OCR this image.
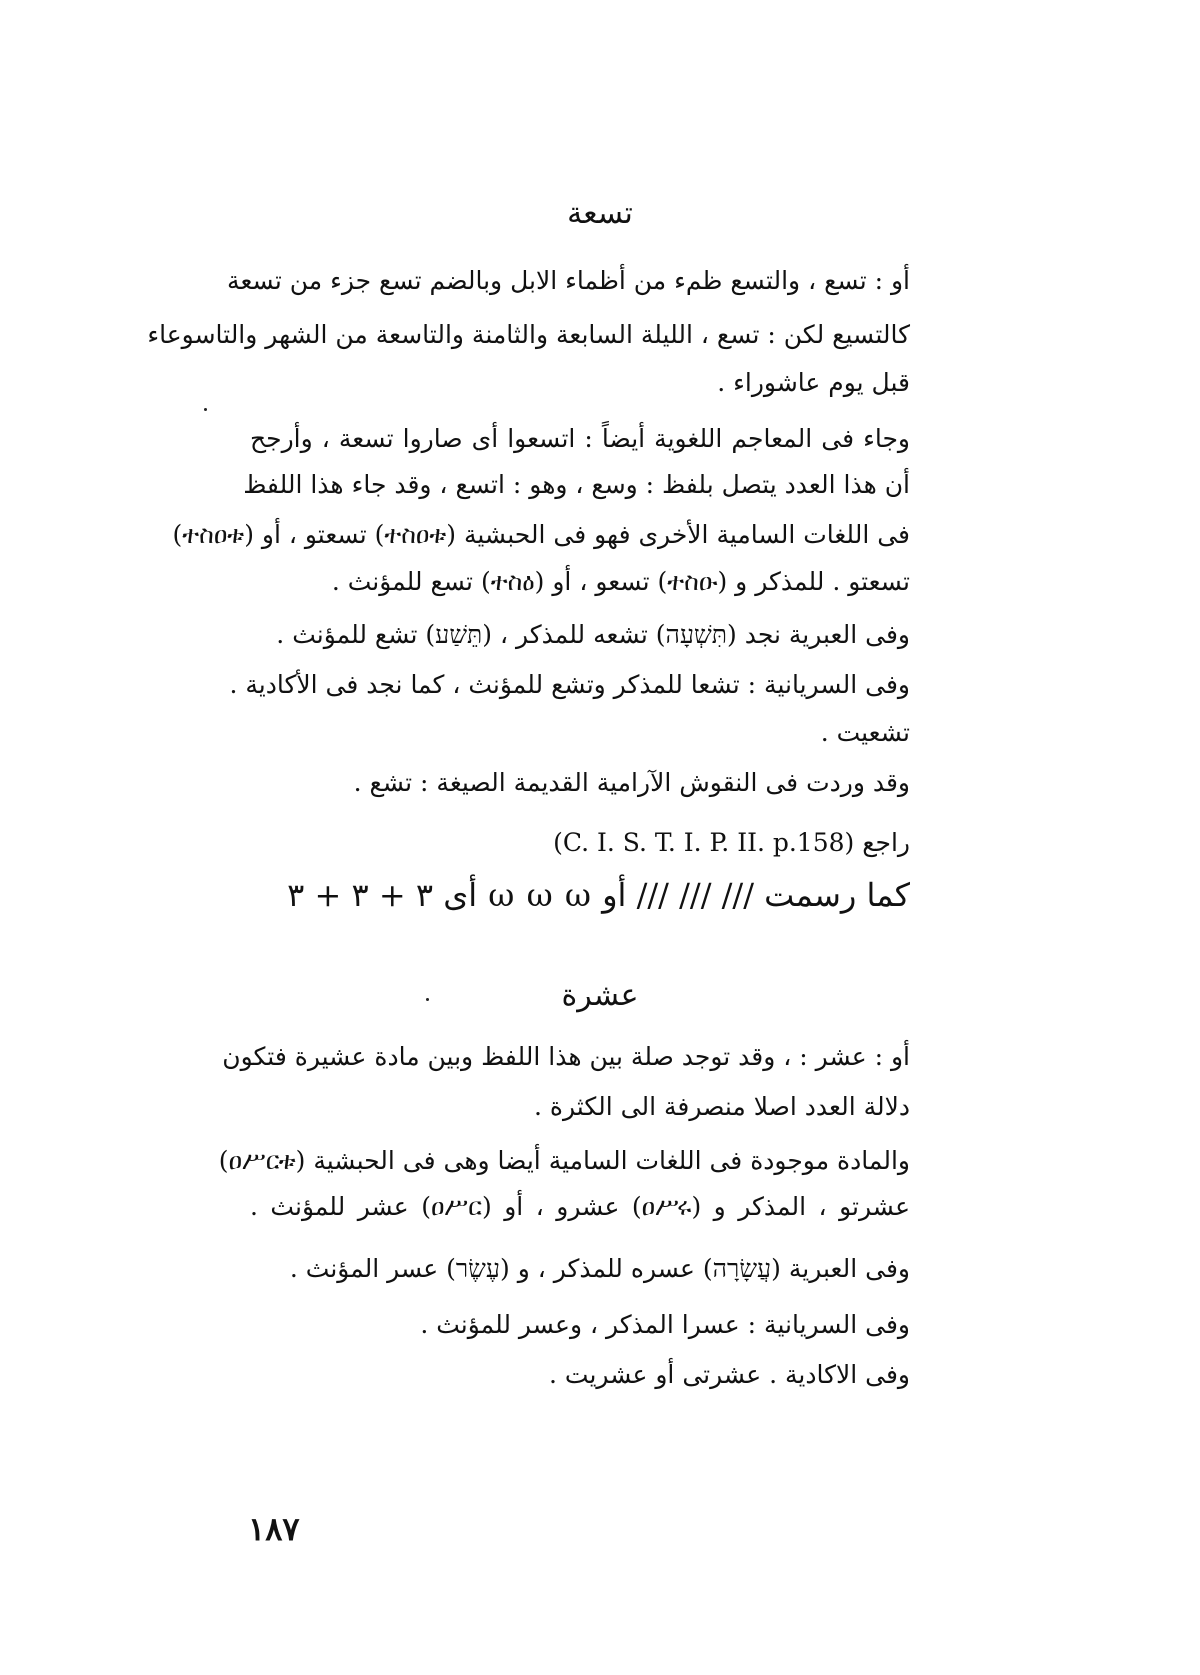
تسعة
أو : تسع ، والتسع ظمء من أظماء الابل وبالضم تسع جزء من تسعة
كالتسيع لكن : تسع ، الليلة السابعة والثامنة والتاسعة من الشهر والتاسوعاء
قبل يوم عاشوراء .
وجاء فى المعاجم اللغوية أيضاً : اتسعوا أى صاروا تسعة ، وأرجح
أن هذا العدد يتصل بلفظ : وسع ، وهو : اتسع ، وقد جاء هذا اللفظ
فى اللغات السامية الأخرى فهو فى الحبشية (ተስዐቱ) تسعتو ، أو (ተስዐቱ)
تسعتو . للمذكر و (ተስዑ) تسعو ، أو (ተስዕ) تسع للمؤنث .
وفى العبرية نجد (תִּשְׁעָה) تشعه للمذكر ، (תֵּשַׁע) تشع للمؤنث .
وفى السريانية : تشعا للمذكر وتشع للمؤنث ، كما نجد فى الأكادية .
تشعيت .
وقد وردت فى النقوش الآرامية القديمة الصيغة : تشع .
راجع (C. I. S. T. I. P. II. p.158)
كما رسمت /// /// /// أو ω ω ω أى ٣ + ٣ + ٣
عشرة
أو : عشر : ، وقد توجد صلة بين هذا اللفظ وبين مادة عشيرة فتكون
دلالة العدد اصلا منصرفة الى الكثرة .
والمادة موجودة فى اللغات السامية أيضا وهى فى الحبشية (ዐሥርቱ)
عشرتو ، المذكر و (ዐሥሩ) عشرو ، أو (ዐሥር) عشر للمؤنث .
وفى العبرية (עֲשָׂרָה) عسره للمذكر ، و (עֶשֶׂר) عسر المؤنث .
وفى السريانية : عسرا المذكر ، وعسر للمؤنث .
وفى الاكادية . عشرتى أو عشريت .
١٨٧
